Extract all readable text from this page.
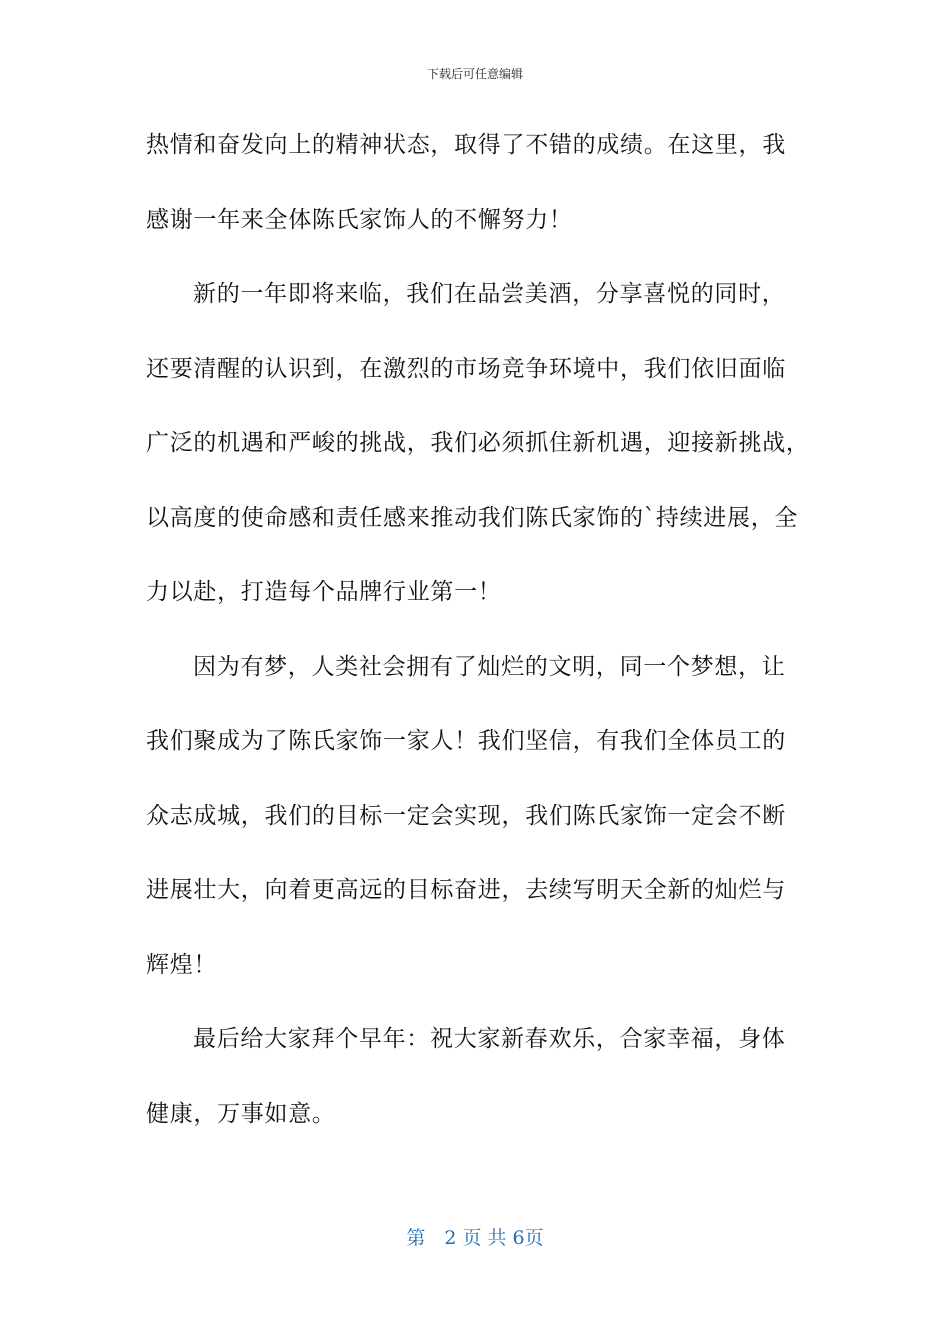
下载后可任意编辑
热情和奋发向上的精神状态，取得了不错的成绩。在这里，我
感谢一年来全体陈氏家饰人的不懈努力！
新的一年即将来临，我们在品尝美酒，分享喜悦的同时，
还要清醒的认识到，在激烈的市场竞争环境中，我们依旧面临
广泛的机遇和严峻的挑战，我们必须抓住新机遇，迎接新挑战，
以高度的使命感和责任感来推动我们陈氏家饰的`持续进展，全
力以赴，打造每个品牌行业第一！
因为有梦，人类社会拥有了灿烂的文明，同一个梦想，让
我们聚成为了陈氏家饰一家人！我们坚信，有我们全体员工的
众志成城，我们的目标一定会实现，我们陈氏家饰一定会不断
进展壮大，向着更高远的目标奋进，去续写明天全新的灿烂与
辉煌！
最后给大家拜个早年：祝大家新春欢乐，合家幸福，身体
健康，万事如意。
第　2 页 共 6页
